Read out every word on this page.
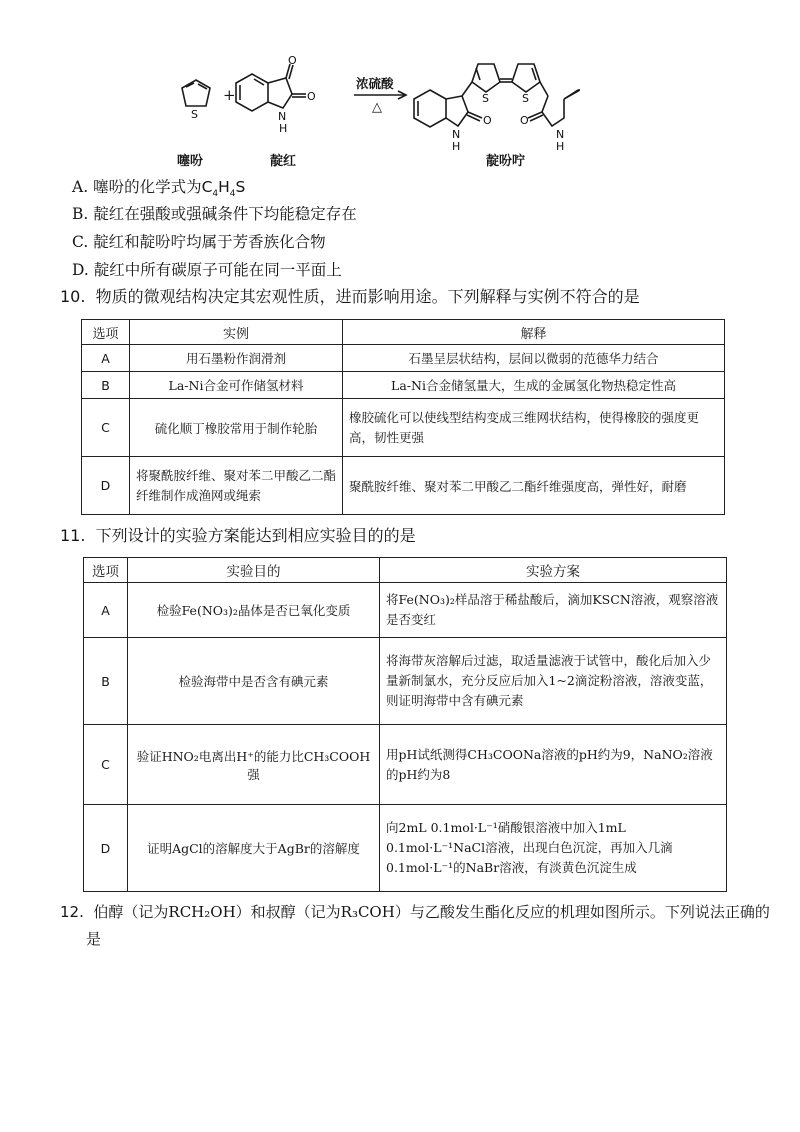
S
O
O
N
H
O
S	S
O
N
H
N
H
噻吩
+
靛红
浓硫酸
△
靛吩咛
A. 噻吩的化学式为$C_4H_4S$
B. 靛红在强酸或强碱条件下均能稳定存在
C. 靛红和靛吩咛均属于芳香族化合物
D. 靛红中所有碳原子可能在同一平面上
10. 物质的微观结构决定其宏观性质，进而影响用途。下列解释与实例不符合的是
选项	实例	解释
A	用石墨粉作润滑剂	石墨呈层状结构，层间以微弱的范德华力结合
B	La-Ni合金可作储氢材料	La-Ni合金储氢量大，生成的金属氢化物热稳定性高
C	硫化顺丁橡胶常用于制作轮胎	橡胶硫化可以使线型结构变成三维网状结构，使得橡胶的强度更高，韧性更强
D	将聚酰胺纤维、聚对苯二甲酸乙二酯纤维制作成渔网或绳索	聚酰胺纤维、聚对苯二甲酸乙二酯纤维强度高，弹性好，耐磨
11. 下列设计的实验方案能达到相应实验目的的是
选项	实验目的	实验方案
A	检验Fe(NO₃)₂晶体是否已氧化变质	将Fe(NO₃)₂样品溶于稀盐酸后，滴加KSCN溶液，观察溶液是否变红
B	检验海带中是否含有碘元素	将海带灰溶解后过滤，取适量滤液于试管中，酸化后加入少量新制氯水，充分反应后加入1~2滴淀粉溶液，溶液变蓝，则证明海带中含有碘元素
C	验证HNO₂电离出H⁺的能力比CH₃COOH强	用pH试纸测得CH₃COONa溶液的pH约为9，NaNO₂溶液的pH约为8
D	证明AgCl的溶解度大于AgBr的溶解度	向2mL 0.1mol·L⁻¹硝酸银溶液中加入1mL 0.1mol·L⁻¹NaCl溶液，出现白色沉淀，再加入几滴0.1mol·L⁻¹的NaBr溶液，有淡黄色沉淀生成
12. 伯醇（记为RCH₂OH）和叔醇（记为R₃COH）与乙酸发生酯化反应的机理如图所示。下列说法正确的
是
